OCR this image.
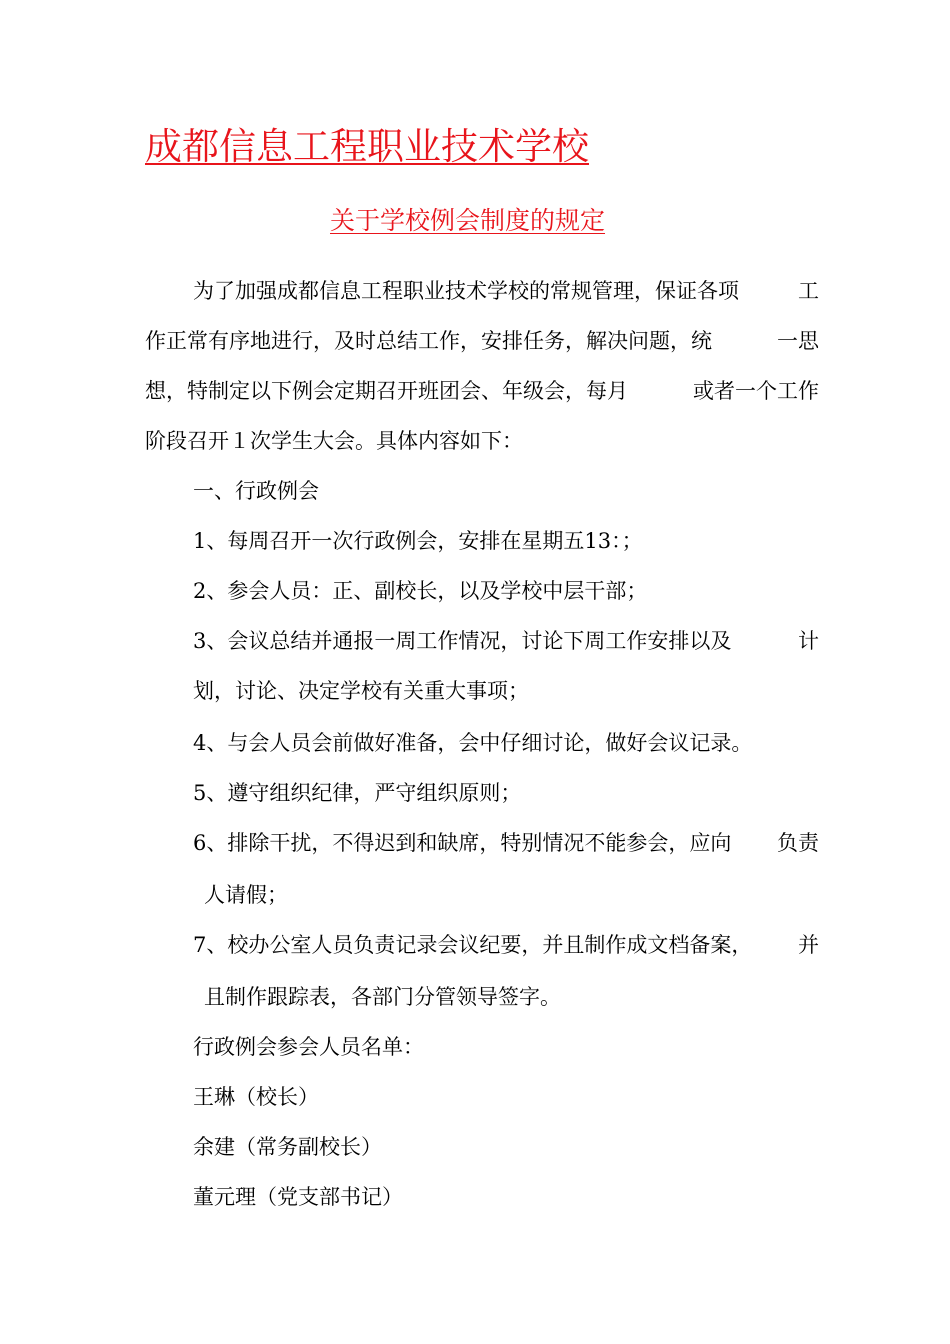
成都信息工程职业技术学校
关于学校例会制度的规定
为了加强成都信息工程职业技术学校的常规管理，保证各项	工
作正常有序地进行，及时总结工作，安排任务，解决问题，统	一思
想，特制定以下例会定期召开班团会、年级会，每月	或者一个工作
阶段召开１次学生大会。具体内容如下：
一、行政例会
1、每周召开一次行政例会，安排在星期五13：；
2、参会人员：正、副校长，以及学校中层干部；
3、会议总结并通报一周工作情况，讨论下周工作安排以及	计
划，讨论、决定学校有关重大事项；
4、与会人员会前做好准备，会中仔细讨论，做好会议记录。
5、遵守组织纪律，严守组织原则；
6、排除干扰，不得迟到和缺席，特别情况不能参会，应向 负责
人请假；
7、校办公室人员负责记录会议纪要，并且制作成文档备案， 并
且制作跟踪表，各部门分管领导签字。
行政例会参会人员名单：
王琳（校长）
余建（常务副校长）
董元理（党支部书记）
